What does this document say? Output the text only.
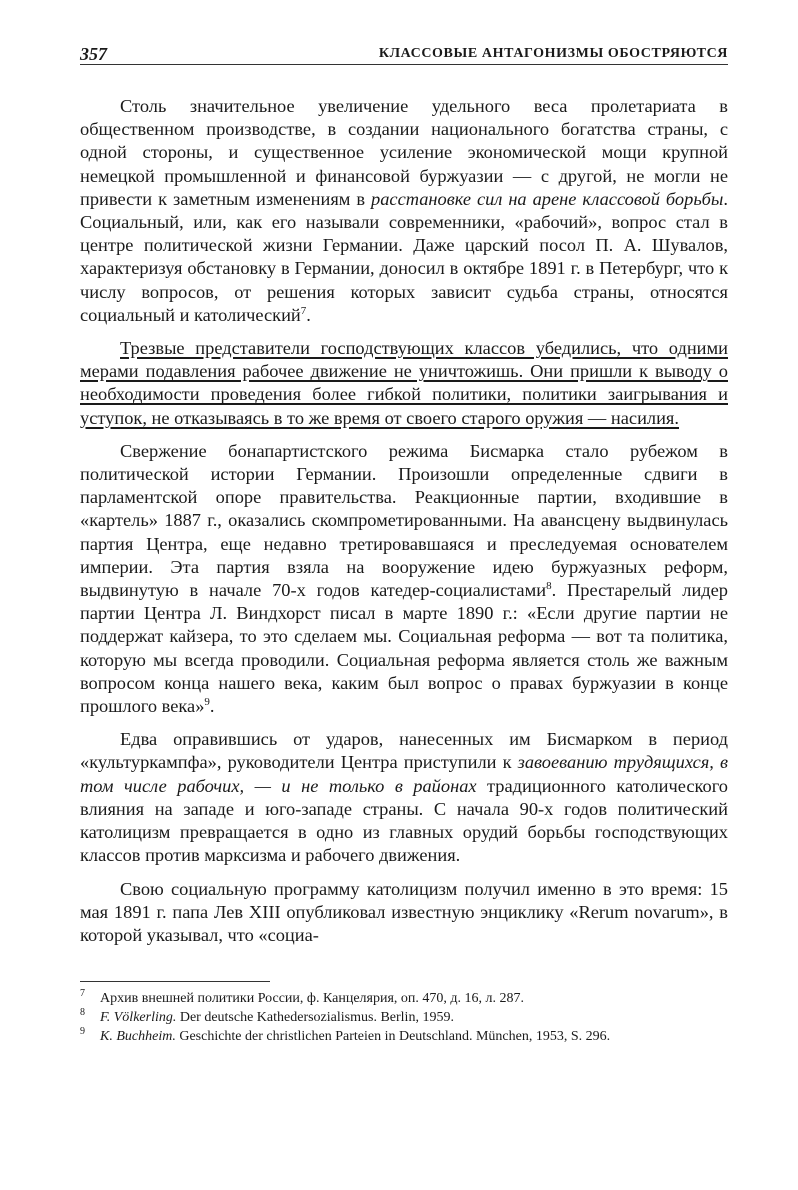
357	КЛАССОВЫЕ АНТАГОНИЗМЫ ОБОСТРЯЮТСЯ

Столь значительное увеличение удельного веса пролетариата в общественном производстве, в создании национального богатства страны, с одной стороны, и существенное усиление экономической мощи крупной немецкой промышленной и финансовой буржуазии — с другой, не могли не привести к заметным изменениям в расстановке сил на арене классовой борьбы. Социальный, или, как его называли современники, «рабочий», вопрос стал в центре политической жизни Германии. Даже царский посол П. А. Шувалов, характеризуя обстановку в Германии, доносил в октябре 1891 г. в Петербург, что к числу вопросов, от решения которых зависит судьба страны, относятся социальный и католический$^7$.

Трезвые представители господствующих классов убедились, что одними мерами подавления рабочее движение не уничтожишь. Они пришли к выводу о необходимости проведения более гибкой политики, политики заигрывания и уступок, не отказываясь в то же время от своего старого оружия — насилия.

Свержение бонапартистского режима Бисмарка стало рубежом в политической истории Германии. Произошли определенные сдвиги в парламентской опоре правительства. Реакционные партии, входившие в «картель» 1887 г., оказались скомпрометированными. На авансцену выдвинулась партия Центра, еще недавно третировавшаяся и преследуемая основателем империи. Эта партия взяла на вооружение идею буржуазных реформ, выдвинутую в начале 70-х годов катедер-социалистами$^8$. Престарелый лидер партии Центра Л. Виндхорст писал в марте 1890 г.: «Если другие партии не поддержат кайзера, то это сделаем мы. Социальная реформа — вот та политика, которую мы всегда проводили. Социальная реформа является столь же важным вопросом конца нашего века, каким был вопрос о правах буржуазии в конце прошлого века»$^9$.

Едва оправившись от ударов, нанесенных им Бисмарком в период «культуркампфа», руководители Центра приступили к завоеванию трудящихся, в том числе рабочих, — и не только в районах традиционного католического влияния на западе и юго-западе страны. С начала 90-х годов политический католицизм превращается в одно из главных орудий борьбы господствующих классов против марксизма и рабочего движения.

Свою социальную программу католицизм получил именно в это время: 15 мая 1891 г. папа Лев XIII опубликовал известную энциклику «Rerum novarum», в которой указывал, что «социа-

7 Архив внешней политики России, ф. Канцелярия, оп. 470, д. 16, л. 287.

8 F. Völkerling. Der deutsche Kathedersozialismus. Berlin, 1959.

9 K. Buchheim. Geschichte der christlichen Parteien in Deutschland. München, 1953, S. 296.
